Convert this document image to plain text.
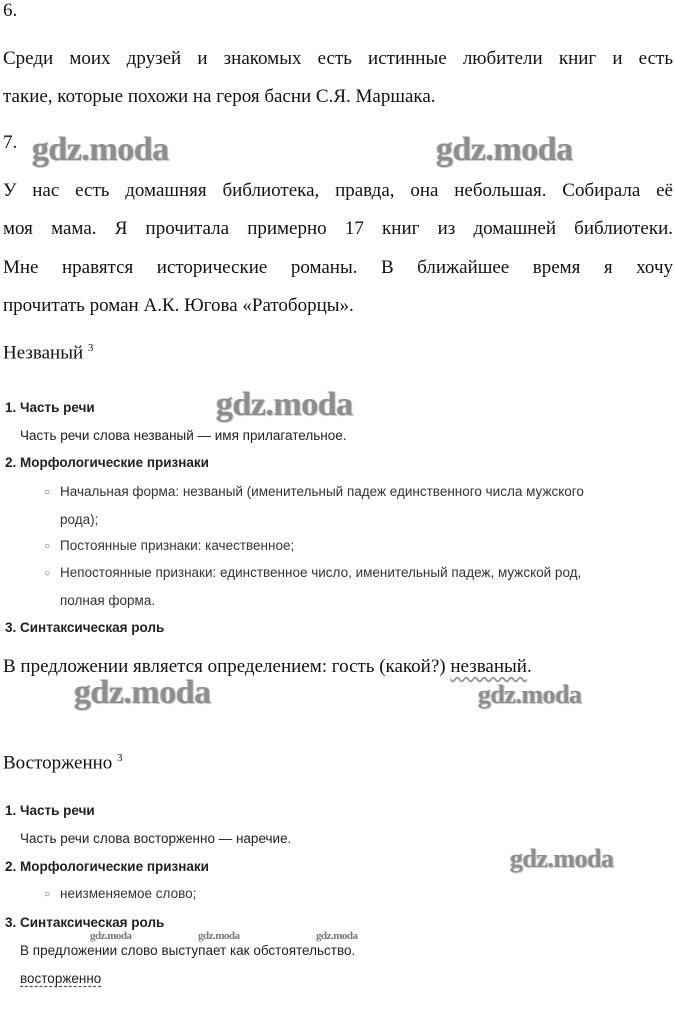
6.
Среди моих друзей и знакомых есть истинные любители книг и есть
такие, которые похожи на героя басни С.Я. Маршака.
7. gdz.moda	gdz.moda
У нас есть домашняя библиотека, правда, она небольшая. Собирала её
моя мама. Я прочитала примерно 17 книг из домашней библиотеки.
Мне нравятся исторические романы. В ближайшее время я хочу
прочитать роман А.К. Югова «Ратоборцы».
Незваный $^3$
gdz.moda
1. Часть речи
Часть речи слова незваный — имя прилагательное.
2. Морфологические признаки
○ Начальная форма: незваный (именительный падеж единственного числа мужского
рода);
○ Постоянные признаки: качественное;
○ Непостоянные признаки: единственное число, именительный падеж, мужской род,
полная форма.
3. Синтаксическая роль
В предложении является определением: гость (какой?) незваный.
gdz.moda	gdz.moda
Восторженно $^3$
1. Часть речи
Часть речи слова восторженно — наречие.
gdz.moda
2. Морфологические признаки
○ неизменяемое слово;
3. Синтаксическая роль
gdz.moda	gdz.moda	gdz.moda
В предложении слово выступает как обстоятельство.
восторженно
